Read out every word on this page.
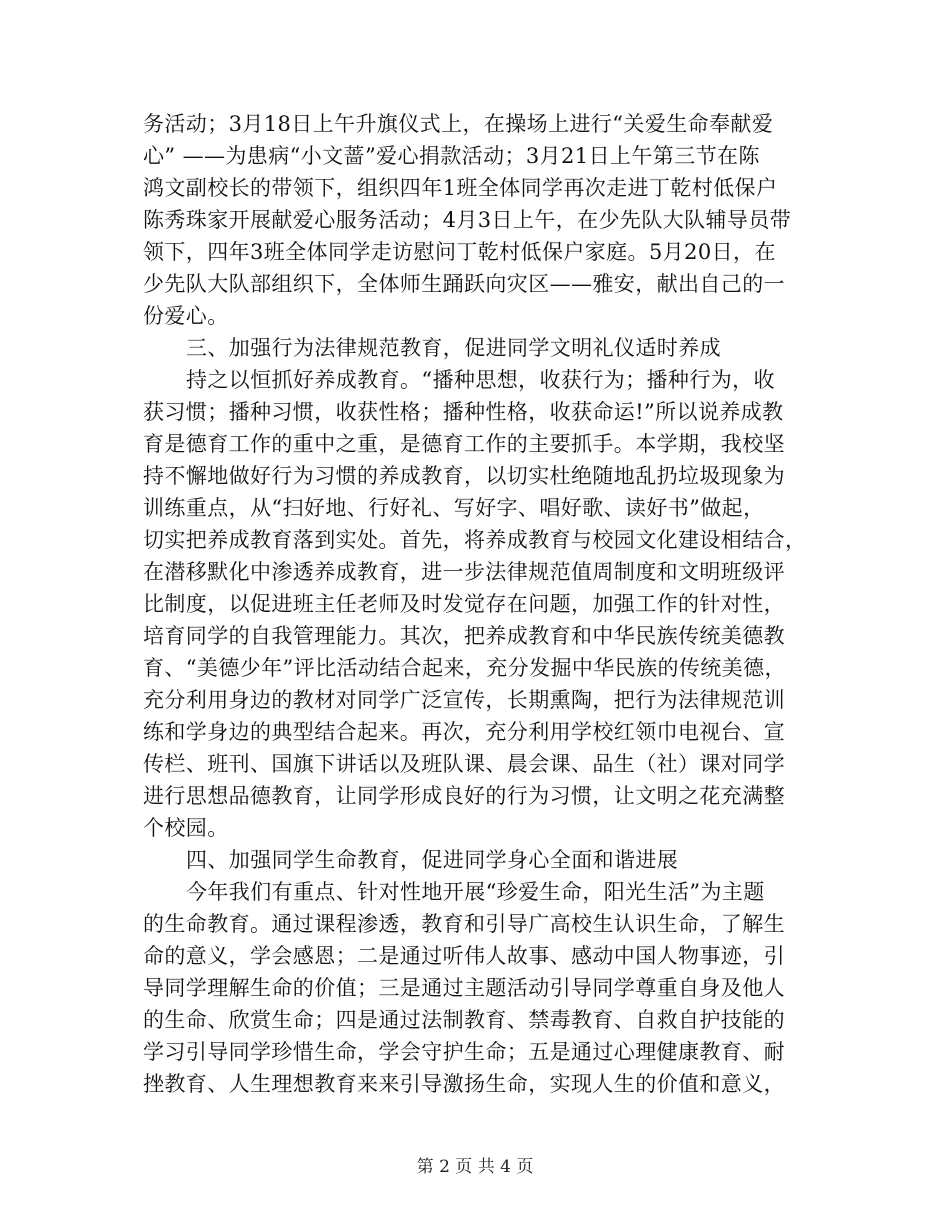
务活动；3月18日上午升旗仪式上，在操场上进行“关爱生命奉献爱
心” ——为患病“小文蔷”爱心捐款活动；3月21日上午第三节在陈
鸿文副校长的带领下，组织四年1班全体同学再次走进丁乾村低保户
陈秀珠家开展献爱心服务活动；4月3日上午，在少先队大队辅导员带
领下，四年3班全体同学走访慰问丁乾村低保户家庭。5月20日，在
少先队大队部组织下，全体师生踊跃向灾区——雅安，献出自己的一
份爱心。
三、加强行为法律规范教育，促进同学文明礼仪适时养成
持之以恒抓好养成教育。“播种思想，收获行为；播种行为，收
获习惯；播种习惯，收获性格；播种性格，收获命运!”所以说养成教
育是德育工作的重中之重，是德育工作的主要抓手。本学期，我校坚
持不懈地做好行为习惯的养成教育，以切实杜绝随地乱扔垃圾现象为
训练重点，从“扫好地、行好礼、写好字、唱好歌、读好书”做起，
切实把养成教育落到实处。首先，将养成教育与校园文化建设相结合，
在潜移默化中渗透养成教育，进一步法律规范值周制度和文明班级评
比制度，以促进班主任老师及时发觉存在问题，加强工作的针对性，
培育同学的自我管理能力。其次，把养成教育和中华民族传统美德教
育、“美德少年”评比活动结合起来，充分发掘中华民族的传统美德，
充分利用身边的教材对同学广泛宣传，长期熏陶，把行为法律规范训
练和学身边的典型结合起来。再次，充分利用学校红领巾电视台、宣
传栏、班刊、国旗下讲话以及班队课、晨会课、品生（社）课对同学
进行思想品德教育，让同学形成良好的行为习惯，让文明之花充满整
个校园。
四、加强同学生命教育，促进同学身心全面和谐进展
今年我们有重点、针对性地开展“珍爱生命，阳光生活”为主题
的生命教育。通过课程渗透，教育和引导广高校生认识生命，了解生
命的意义，学会感恩；二是通过听伟人故事、感动中国人物事迹，引
导同学理解生命的价值；三是通过主题活动引导同学尊重自身及他人
的生命、欣赏生命；四是通过法制教育、禁毒教育、自救自护技能的
学习引导同学珍惜生命，学会守护生命；五是通过心理健康教育、耐
挫教育、人生理想教育来来引导激扬生命，实现人生的价值和意义，
第 2 页 共 4 页
